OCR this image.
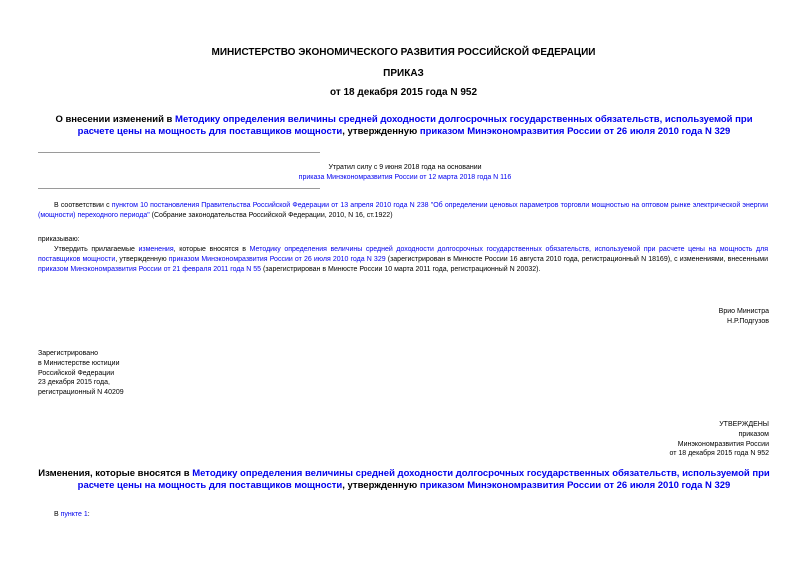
МИНИСТЕРСТВО ЭКОНОМИЧЕСКОГО РАЗВИТИЯ РОССИЙСКОЙ ФЕДЕРАЦИИ
ПРИКАЗ
от 18 декабря 2015 года N 952
О внесении изменений в Методику определения величины средней доходности долгосрочных государственных обязательств, используемой при расчете цены на мощность для поставщиков мощности, утвержденную приказом Минэкономразвития России от 26 июля 2010 года N 329
Утратил силу с 9 июня 2018 года на основании
приказа Минэкономразвития России от 12 марта 2018 года N 116
В соответствии с пунктом 10 постановления Правительства Российской Федерации от 13 апреля 2010 года N 238 "Об определении ценовых параметров торговли мощностью на оптовом рынке электрической энергии (мощности) переходного периода" (Собрание законодательства Российской Федерации, 2010, N 16, ст.1922)
приказываю:
Утвердить прилагаемые изменения, которые вносятся в Методику определения величины средней доходности долгосрочных государственных обязательств, используемой при расчете цены на мощность для поставщиков мощности, утвержденную приказом Минэкономразвития России от 26 июля 2010 года N 329 (зарегистрирован в Минюсте России 16 августа 2010 года, регистрационный N 18169), с изменениями, внесенными приказом Минэкономразвития России от 21 февраля 2011 года N 55 (зарегистрирован в Минюсте России 10 марта 2011 года, регистрационный N 20032).
Врио Министра
Н.Р.Подгузов
Зарегистрировано
в Министерстве юстиции
Российской Федерации
23 декабря 2015 года,
регистрационный N 40209
УТВЕРЖДЕНЫ
приказом
Минэкономразвития России
от 18 декабря 2015 года N 952
Изменения, которые вносятся в Методику определения величины средней доходности долгосрочных государственных обязательств, используемой при расчете цены на мощность для поставщиков мощности, утвержденную приказом Минэкономразвития России от 26 июля 2010 года N 329
В пункте 1:
